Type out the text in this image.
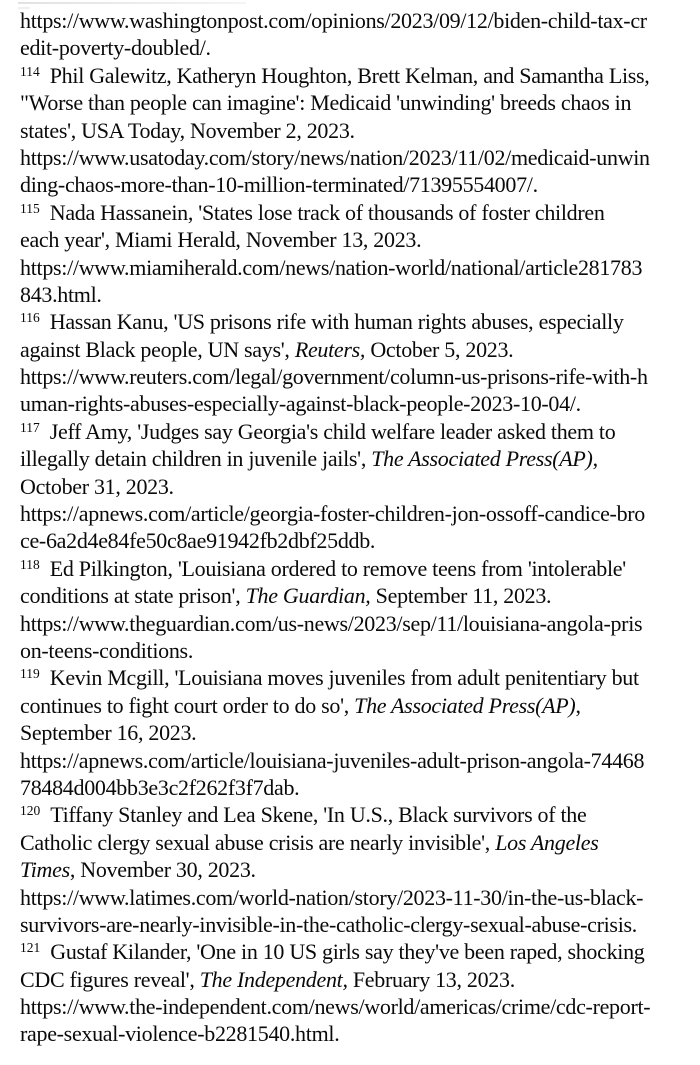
https://www.washingtonpost.com/opinions/2023/09/12/biden-child-tax-cr
edit-poverty-doubled/.
$^{114}$ Phil Galewitz, Katheryn Houghton, Brett Kelman, and Samantha Liss,
"Worse than people can imagine': Medicaid 'unwinding' breeds chaos in
states', USA Today, November 2, 2023.
https://www.usatoday.com/story/news/nation/2023/11/02/medicaid-unwin
ding-chaos-more-than-10-million-terminated/71395554007/.
$^{115}$ Nada Hassanein, 'States lose track of thousands of foster children
each year', Miami Herald, November 13, 2023.
https://www.miamiherald.com/news/nation-world/national/article281783
843.html.
$^{116}$ Hassan Kanu, 'US prisons rife with human rights abuses, especially
against Black people, UN says', Reuters, October 5, 2023.
https://www.reuters.com/legal/government/column-us-prisons-rife-with-h
uman-rights-abuses-especially-against-black-people-2023-10-04/.
$^{117}$ Jeff Amy, 'Judges say Georgia's child welfare leader asked them to
illegally detain children in juvenile jails', The Associated Press(AP),
October 31, 2023.
https://apnews.com/article/georgia-foster-children-jon-ossoff-candice-bro
ce-6a2d4e84fe50c8ae91942fb2dbf25ddb.
$^{118}$ Ed Pilkington, 'Louisiana ordered to remove teens from 'intolerable'
conditions at state prison', The Guardian, September 11, 2023.
https://www.theguardian.com/us-news/2023/sep/11/louisiana-angola-pris
on-teens-conditions.
$^{119}$ Kevin Mcgill, 'Louisiana moves juveniles from adult penitentiary but
continues to fight court order to do so', The Associated Press(AP),
September 16, 2023.
https://apnews.com/article/louisiana-juveniles-adult-prison-angola-74468
78484d004bb3e3c2f262f3f7dab.
$^{120}$ Tiffany Stanley and Lea Skene, 'In U.S., Black survivors of the
Catholic clergy sexual abuse crisis are nearly invisible', Los Angeles
Times, November 30, 2023.
https://www.latimes.com/world-nation/story/2023-11-30/in-the-us-black-
survivors-are-nearly-invisible-in-the-catholic-clergy-sexual-abuse-crisis.
$^{121}$ Gustaf Kilander, 'One in 10 US girls say they've been raped, shocking
CDC figures reveal', The Independent, February 13, 2023.
https://www.the-independent.com/news/world/americas/crime/cdc-report-
rape-sexual-violence-b2281540.html.
